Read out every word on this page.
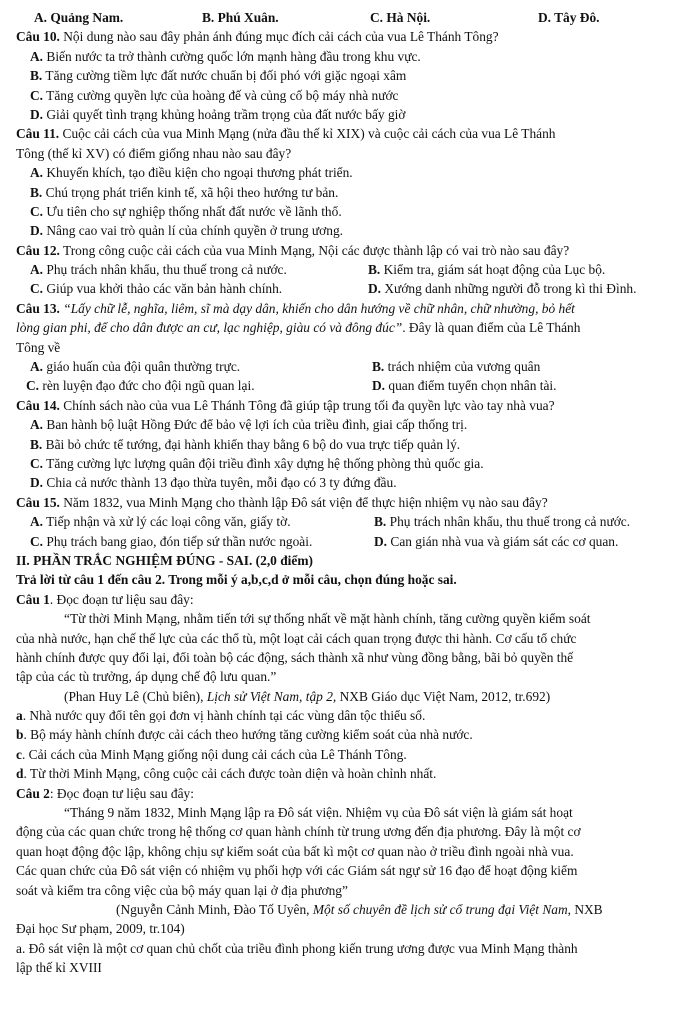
A. Quảng Nam.	B. Phú Xuân.	C. Hà Nội.	D. Tây Đô.
Câu 10. Nội dung nào sau đây phản ánh đúng mục đích cải cách của vua Lê Thánh Tông?
A. Biến nước ta trở thành cường quốc lớn mạnh hàng đầu trong khu vực.
B. Tăng cường tiềm lực đất nước chuẩn bị đối phó với giặc ngoại xâm
C. Tăng cường quyền lực của hoàng đế và củng cố bộ máy nhà nước
D. Giải quyết tình trạng khủng hoảng trầm trọng của đất nước bấy giờ
Câu 11. Cuộc cải cách của vua Minh Mạng (nửa đầu thế kỉ XIX) và cuộc cải cách của vua Lê Thánh
Tông (thế kỉ XV) có điểm giống nhau nào sau đây?
A. Khuyến khích, tạo điều kiện cho ngoại thương phát triển.
B. Chú trọng phát triển kinh tế, xã hội theo hướng tư bản.
C. Ưu tiên cho sự nghiệp thống nhất đất nước về lãnh thổ.
D. Nâng cao vai trò quản lí của chính quyền ở trung ương.
Câu 12. Trong công cuộc cải cách của vua Minh Mạng, Nội các được thành lập có vai trò nào sau đây?
A. Phụ trách nhân khẩu, thu thuế trong cả nước.	B. Kiểm tra, giám sát hoạt động của Lục bộ.
C. Giúp vua khởi thảo các văn bản hành chính.	D. Xướng danh những người đỗ trong kì thi Đình.
Câu 13. “Lấy chữ lễ, nghĩa, liêm, sĩ mà dạy dân, khiến cho dân hướng về chữ nhân, chữ nhường, bỏ hết
lòng gian phi, để cho dân được an cư, lạc nghiệp, giàu có và đông đúc”. Đây là quan điểm của Lê Thánh
Tông về
A. giáo huấn của đội quân thường trực.	B. trách nhiệm của vương quân
C. rèn luyện đạo đức cho đội ngũ quan lại.	D. quan điểm tuyển chọn nhân tài.
Câu 14. Chính sách nào của vua Lê Thánh Tông đã giúp tập trung tối đa quyền lực vào tay nhà vua?
A. Ban hành bộ luật Hồng Đức để bảo vệ lợi ích của triều đình, giai cấp thống trị.
B. Bãi bỏ chức tể tướng, đại hành khiển thay bằng 6 bộ do vua trực tiếp quản lý.
C. Tăng cường lực lượng quân đội triều đình xây dựng hệ thống phòng thủ quốc gia.
D. Chia cả nước thành 13 đạo thừa tuyên, mỗi đạo có 3 ty đứng đầu.
Câu 15. Năm 1832, vua Minh Mạng cho thành lập Đô sát viện để thực hiện nhiệm vụ nào sau đây?
A. Tiếp nhận và xử lý các loại công văn, giấy tờ.	B. Phụ trách nhân khẩu, thu thuế trong cả nước.
C. Phụ trách bang giao, đón tiếp sứ thần nước ngoài.	D. Can gián nhà vua và giám sát các cơ quan.
II. PHẦN TRẮC NGHIỆM ĐÚNG - SAI. (2,0 điểm)
Trả lời từ câu 1 đến câu 2. Trong mỗi ý a,b,c,d ở mỗi câu, chọn đúng hoặc sai.
Câu 1. Đọc đoạn tư liệu sau đây:
“Từ thời Minh Mạng, nhằm tiến tới sự thống nhất về mặt hành chính, tăng cường quyền kiểm soát
của nhà nước, hạn chế thế lực của các thổ tù, một loạt cải cách quan trọng được thi hành. Cơ cấu tổ chức
hành chính được quy đổi lại, đổi toàn bộ các động, sách thành xã như vùng đồng bằng, bãi bỏ quyền thế
tập của các tù trưởng, áp dụng chế độ lưu quan.”
(Phan Huy Lê (Chủ biên), Lịch sử Việt Nam, tập 2, NXB Giáo dục Việt Nam, 2012, tr.692)
a. Nhà nước quy đổi tên gọi đơn vị hành chính tại các vùng dân tộc thiểu số.
b. Bộ máy hành chính được cải cách theo hướng tăng cường kiểm soát của nhà nước.
c. Cải cách của Minh Mạng giống nội dung cải cách của Lê Thánh Tông.
d. Từ thời Minh Mạng, công cuộc cải cách được toàn diện và hoàn chỉnh nhất.
Câu 2: Đọc đoạn tư liệu sau đây:
“Tháng 9 năm 1832, Minh Mạng lập ra Đô sát viện. Nhiệm vụ của Đô sát viện là giám sát hoạt
động của các quan chức trong hệ thống cơ quan hành chính từ trung ương đến địa phương. Đây là một cơ
quan hoạt động độc lập, không chịu sự kiểm soát của bất kì một cơ quan nào ở triều đình ngoài nhà vua.
Các quan chức của Đô sát viện có nhiệm vụ phối hợp với các Giám sát ngự sử 16 đạo để hoạt động kiểm
soát và kiểm tra công việc của bộ máy quan lại ở địa phương”
(Nguyễn Cảnh Minh, Đào Tố Uyên, Một số chuyên đề lịch sử cổ trung đại Việt Nam, NXB
Đại học Sư phạm, 2009, tr.104)
a. Đô sát viện là một cơ quan chủ chốt của triều đình phong kiến trung ương được vua Minh Mạng thành
lập thế kỉ XVIII
